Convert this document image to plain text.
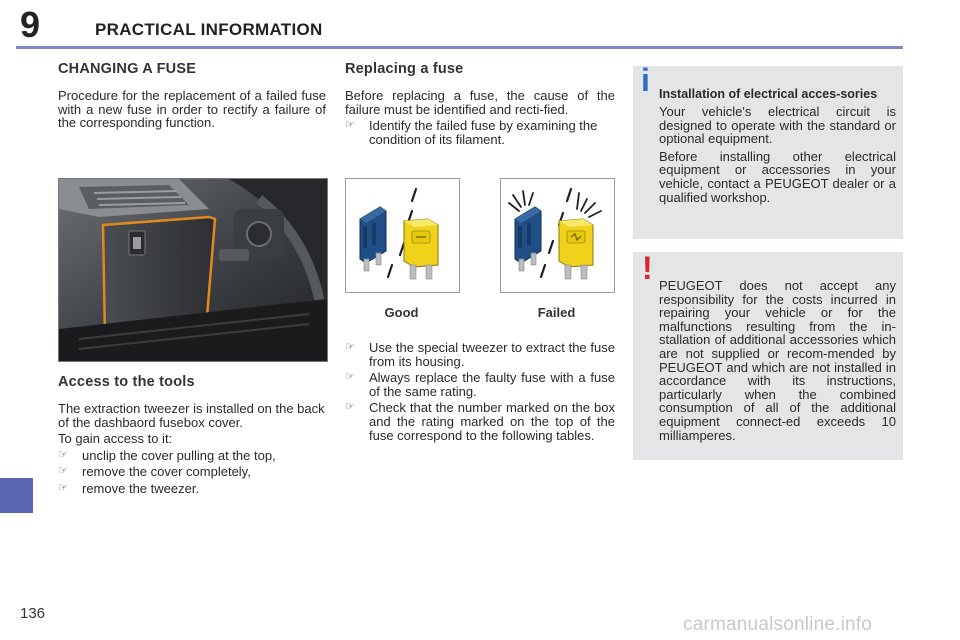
9	PRACTICAL INFORMATION
CHANGING A FUSE
Procedure for the replacement of a failed fuse with a new fuse in order to rectify a failure of the corresponding function.
Access to the tools
The extraction tweezer is installed on the back of the dashbaord fusebox cover.
To gain access to it:
☞ unclip the cover pulling at the top,
☞ remove the cover completely,
☞ remove the tweezer.
Replacing a fuse
Before replacing a fuse, the cause of the failure must be identified and recti-fied.
☞ Identify the failed fuse by examining the condition of its filament.
Good	Failed
☞ Use the special tweezer to extract the fuse from its housing.
☞ Always replace the faulty fuse with a fuse of the same rating.
☞ Check that the number marked on the box and the rating marked on the top of the fuse correspond to the following tables.
i Installation of electrical acces-sories
Your vehicle's electrical circuit is designed to operate with the standard or optional equipment.
Before installing other electrical equipment or accessories in your vehicle, contact a PEUGEOT dealer or a qualified workshop.
! PEUGEOT does not accept any responsibility for the costs incurred in repairing your vehicle or for the malfunctions resulting from the in-stallation of additional accessories which are not supplied or recom-mended by PEUGEOT and which are not installed in accordance with its instructions, particularly when the combined consumption of all of the additional equipment connect-ed exceeds 10 milliamperes.
136
carmanualsonline.info
